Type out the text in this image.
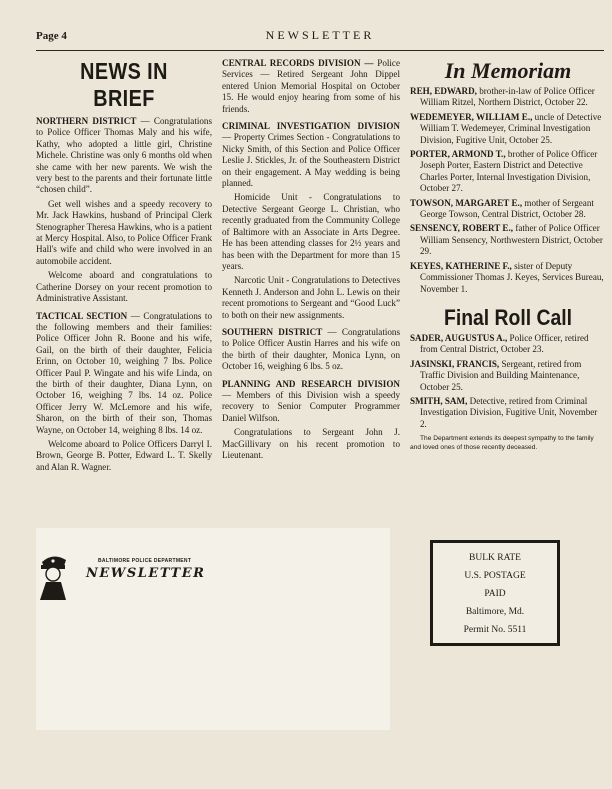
Page 4	NEWSLETTER
NEWS IN BRIEF
NORTHERN DISTRICT — Congratulations to Police Officer Thomas Maly and his wife, Kathy, who adopted a little girl, Christine Michele. Christine was only 6 months old when she came with her new parents. We wish the very best to the parents and their fortunate little “chosen child”.
Get well wishes and a speedy recovery to Mr. Jack Hawkins, husband of Principal Clerk Stenographer Theresa Hawkins, who is a patient at Mercy Hospital. Also, to Police Officer Frank Hall's wife and child who were involved in an automobile accident.
Welcome aboard and congratulations to Catherine Dorsey on your recent promotion to Administrative Assistant.
TACTICAL SECTION — Congratulations to the following members and their families: Police Officer John R. Boone and his wife, Gail, on the birth of their daughter, Felicia Erinn, on October 10, weighing 7 lbs. Police Officer Paul P. Wingate and his wife Linda, on the birth of their daughter, Diana Lynn, on October 16, weighing 7 lbs. 14 oz. Police Officer Jerry W. McLemore and his wife, Sharon, on the birth of their son, Thomas Wayne, on October 14, weighing 8 lbs. 14 oz.
Welcome aboard to Police Officers Darryl I. Brown, George B. Potter, Edward L. T. Skelly and Alan R. Wagner.
CENTRAL RECORDS DIVISION — Police Services — Retired Sergeant John Dippel entered Union Memorial Hospital on October 15. He would enjoy hearing from some of his friends.
CRIMINAL INVESTIGATION DIVISION — Property Crimes Section - Congratulations to Nicky Smith, of this Section and Police Officer Leslie J. Stickles, Jr. of the Southeastern District on their engagement. A May wedding is being planned.
Homicide Unit - Congratulations to Detective Sergeant George L. Christian, who recently graduated from the Community College of Baltimore with an Associate in Arts Degree. He has been attending classes for 2½ years and has been with the Department for more than 15 years.
Narcotic Unit - Congratulations to Detectives Kenneth J. Anderson and John L. Lewis on their recent promotions to Sergeant and “Good Luck” to both on their new assignments.
SOUTHERN DISTRICT — Congratulations to Police Officer Austin Harres and his wife on the birth of their daughter, Monica Lynn, on October 16, weighing 6 lbs. 5 oz.
PLANNING AND RESEARCH DIVISION — Members of this Division wish a speedy recovery to Senior Computer Programmer Daniel Wilfson.
Congratulations to Sergeant John J. MacGillivary on his recent promotion to Lieutenant.
In Memoriam
REH, EDWARD, brother-in-law of Police Officer William Ritzel, Northern District, October 22.
WEDEMEYER, WILLIAM E., uncle of Detective William T. Wedemeyer, Criminal Investigation Division, Fugitive Unit, October 25.
PORTER, ARMOND T., brother of Police Officer Joseph Porter, Eastern District and Detective Charles Porter, Internal Investigation Division, October 27.
TOWSON, MARGARET E., mother of Sergeant George Towson, Central District, October 28.
SENSENCY, ROBERT E., father of Police Officer William Sensency, Northwestern District, October 29.
KEYES, KATHERINE F., sister of Deputy Commissioner Thomas J. Keyes, Services Bureau, November 1.
Final Roll Call
SADER, AUGUSTUS A., Police Officer, retired from Central District, October 23.
JASINSKI, FRANCIS, Sergeant, retired from Traffic Division and Building Maintenance, October 25.
SMITH, SAM, Detective, retired from Criminal Investigation Division, Fugitive Unit, November 2.
The Department extends its deepest sympathy to the family and loved ones of those recently deceased.
BALTIMORE POLICE DEPARTMENT
NEWSLETTER
BULK RATE
U.S. POSTAGE
PAID
Baltimore, Md.
Permit No. 5511
